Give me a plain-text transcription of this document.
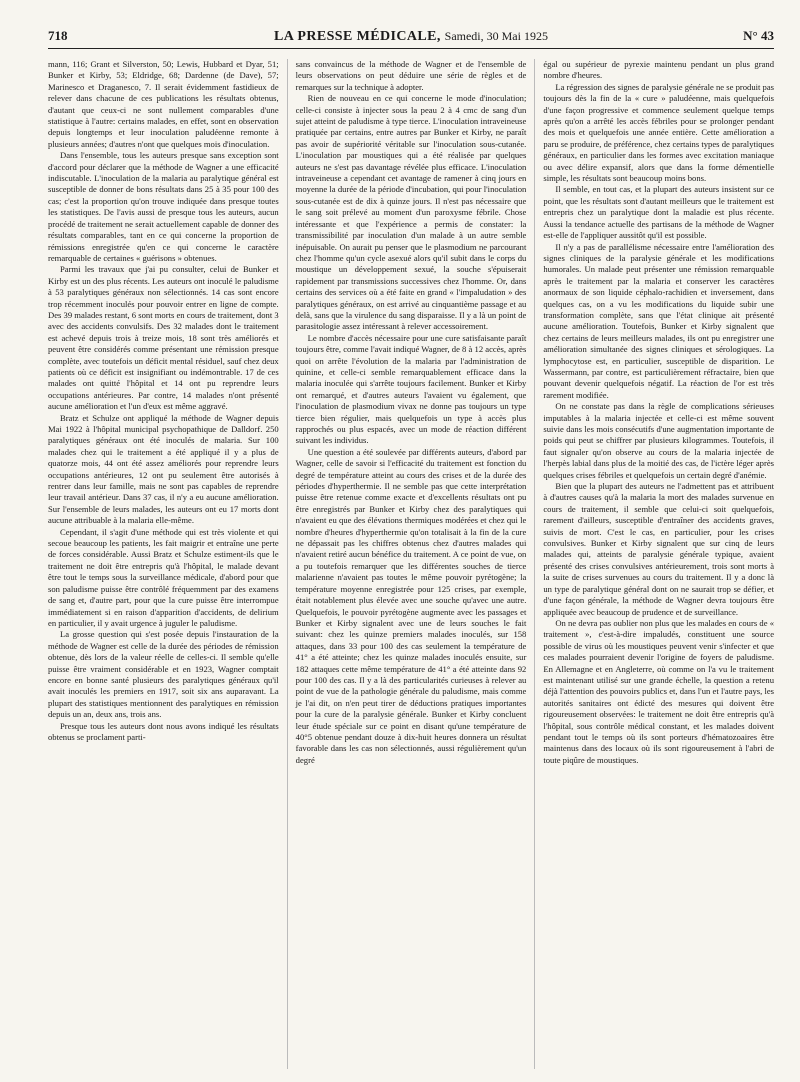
718	LA PRESSE MÉDICALE, Samedi, 30 Mai 1925	N° 43

mann, 116; Grant et Silverston, 50; Lewis, Hubbard et Dyar, 51; Bunker et Kirby, 53; Eldridge, 68; Dardenne (de Dave), 57; Marinesco et Draganesco, 7. Il serait évidemment fastidieux de relever dans chacune de ces publications les résultats obtenus, d'autant que ceux-ci ne sont nullement comparables d'une statistique à l'autre: certains malades, en effet, sont en observation depuis longtemps et leur inoculation paludéenne remonte à plusieurs années; d'autres n'ont que quelques mois d'inoculation.

Dans l'ensemble, tous les auteurs presque sans exception sont d'accord pour déclarer que la méthode de Wagner a une efficacité indiscutable. L'inoculation de la malaria au paralytique général est susceptible de donner de bons résultats dans 25 à 35 pour 100 des cas; c'est la proportion qu'on trouve indiquée dans presque toutes les statistiques. De l'avis aussi de presque tous les auteurs, aucun procédé de traitement ne serait actuellement capable de donner des résultats comparables, tant en ce qui concerne la proportion de rémissions enregistrée qu'en ce qui concerne le caractère remarquable de certaines « guérisons » obtenues.

Parmi les travaux que j'ai pu consulter, celui de Bunker et Kirby est un des plus récents. Les auteurs ont inoculé le paludisme à 53 paralytiques généraux non sélectionnés. 14 cas sont encore trop récemment inoculés pour pouvoir entrer en ligne de compte. Des 39 malades restant, 6 sont morts en cours de traitement, dont 3 avec des accidents convulsifs. Des 32 malades dont le traitement est achevé depuis trois à treize mois, 18 sont très améliorés et peuvent être considérés comme présentant une rémission presque complète, avec toutefois un déficit mental résiduel, sauf chez deux patients où ce déficit est insignifiant ou indémontrable. 17 de ces malades ont quitté l'hôpital et 14 ont pu reprendre leurs occupations antérieures. Par contre, 14 malades n'ont présenté aucune amélioration et l'un d'eux est même aggravé.

Bratz et Schulze ont appliqué la méthode de Wagner depuis Mai 1922 à l'hôpital municipal psychopathique de Dalldorf. 250 paralytiques généraux ont été inoculés de malaria. Sur 100 malades chez qui le traitement a été appliqué il y a plus de quatorze mois, 44 ont été assez améliorés pour reprendre leurs occupations antérieures, 12 ont pu seulement être autorisés à rentrer dans leur famille, mais ne sont pas capables de reprendre leur travail antérieur. Dans 37 cas, il n'y a eu aucune amélioration. Sur l'ensemble de leurs malades, les auteurs ont eu 17 morts dont aucune attribuable à la malaria elle-même.

Cependant, il s'agit d'une méthode qui est très violente et qui secoue beaucoup les patients, les fait maigrir et entraîne une perte de forces considérable. Aussi Bratz et Schulze estiment-ils que le traitement ne doit être entrepris qu'à l'hôpital, le malade devant être tout le temps sous la surveillance médicale, d'abord pour que son paludisme puisse être contrôlé fréquemment par des examens de sang et, d'autre part, pour que la cure puisse être interrompue immédiatement si en raison d'apparition d'accidents, de delirium en particulier, il y avait urgence à juguler le paludisme.

La grosse question qui s'est posée depuis l'instauration de la méthode de Wagner est celle de la durée des périodes de rémission obtenue, dès lors de la valeur réelle de celles-ci. Il semble qu'elle puisse être vraiment considérable et en 1923, Wagner comptait encore en bonne santé plusieurs des paralytiques généraux qu'il avait inoculés les premiers en 1917, soit six ans auparavant. La plupart des statistiques mentionnent des paralytiques en rémission depuis un an, deux ans, trois ans.

Presque tous les auteurs dont nous avons indiqué les résultats obtenus se proclament parti-

sans convaincus de la méthode de Wagner et de l'ensemble de leurs observations on peut déduire une série de règles et de remarques sur la technique à adopter.

Rien de nouveau en ce qui concerne le mode d'inoculation; celle-ci consiste à injecter sous la peau 2 à 4 cmc de sang d'un sujet atteint de paludisme à type tierce. L'inoculation intraveineuse pratiquée par certains, entre autres par Bunker et Kirby, ne paraît pas avoir de supériorité véritable sur l'inoculation sous-cutanée. L'inoculation par moustiques qui a été réalisée par quelques auteurs ne s'est pas davantage révélée plus efficace. L'inoculation intraveineuse a cependant cet avantage de ramener à cinq jours en moyenne la durée de la période d'incubation, qui pour l'inoculation sous-cutanée est de dix à quinze jours. Il n'est pas nécessaire que le sang soit prélevé au moment d'un paroxysme fébrile. Chose intéressante et que l'expérience a permis de constater: la transmissibilité par inoculation d'un malade à un autre semble inépuisable. On aurait pu penser que le plasmodium ne parcourant chez l'homme qu'un cycle asexué alors qu'il subit dans le corps du moustique un développement sexué, la souche s'épuiserait rapidement par transmissions successives chez l'homme. Or, dans certains des services où a été faite en grand « l'impaludation » des paralytiques généraux, on est arrivé au cinquantième passage et au delà, sans que la virulence du sang disparaisse. Il y a là un point de parasitologie assez intéressant à relever accessoirement.

Le nombre d'accès nécessaire pour une cure satisfaisante paraît toujours être, comme l'avait indiqué Wagner, de 8 à 12 accès, après quoi on arrête l'évolution de la malaria par l'administration de quinine, et celle-ci semble remarquablement efficace dans la malaria inoculée qui s'arrête toujours facilement. Bunker et Kirby ont remarqué, et d'autres auteurs l'avaient vu également, que l'inoculation de plasmodium vivax ne donne pas toujours un type tierce bien régulier, mais quelquefois un type à accès plus rapprochés ou plus espacés, avec un mode de réaction différent suivant les individus.

Une question a été soulevée par différents auteurs, d'abord par Wagner, celle de savoir si l'efficacité du traitement est fonction du degré de température atteint au cours des crises et de la durée des périodes d'hyperthermie. Il ne semble pas que cette interprétation puisse être retenue comme exacte et d'excellents résultats ont pu être enregistrés par Bunker et Kirby chez des paralytiques qui n'avaient eu que des élévations thermiques modérées et chez qui le nombre d'heures d'hyperthermie qu'on totalisait à la fin de la cure ne dépassait pas les chiffres obtenus chez d'autres malades qui n'avaient retiré aucun bénéfice du traitement. A ce point de vue, on a pu toutefois remarquer que les différentes souches de tierce malarienne n'avaient pas toutes le même pouvoir pyrétogène; la température moyenne enregistrée pour 125 crises, par exemple, était notablement plus élevée avec une souche qu'avec une autre. Quelquefois, le pouvoir pyrétogène augmente avec les passages et Bunker et Kirby signalent avec une de leurs souches le fait suivant: chez les quinze premiers malades inoculés, sur 158 attaques, dans 33 pour 100 des cas seulement la température de 41° a été atteinte; chez les quinze malades inoculés ensuite, sur 182 attaques cette même température de 41° a été atteinte dans 92 pour 100 des cas. Il y a là des particularités curieuses à relever au point de vue de la pathologie générale du paludisme, mais comme je l'ai dit, on n'en peut tirer de déductions pratiques importantes pour la cure de la paralysie générale. Bunker et Kirby concluent leur étude spéciale sur ce point en disant qu'une température de 40°5 obtenue pendant douze à dix-huit heures donnera un résultat favorable dans les cas non sélectionnés, aussi régulièrement qu'un degré

égal ou supérieur de pyrexie maintenu pendant un plus grand nombre d'heures.

La régression des signes de paralysie générale ne se produit pas toujours dès la fin de la « cure » paludéenne, mais quelquefois d'une façon progressive et commence seulement quelque temps après qu'on a arrêté les accès fébriles pour se prolonger pendant des mois et quelquefois une année entière. Cette amélioration a paru se produire, de préférence, chez certains types de paralytiques généraux, en particulier dans les formes avec excitation maniaque ou avec délire expansif, alors que dans la forme démentielle simple, les résultats sont beaucoup moins bons.

Il semble, en tout cas, et la plupart des auteurs insistent sur ce point, que les résultats sont d'autant meilleurs que le traitement est entrepris chez un paralytique dont la maladie est plus récente. Aussi la tendance actuelle des partisans de la méthode de Wagner est-elle de l'appliquer aussitôt qu'il est possible.

Il n'y a pas de parallélisme nécessaire entre l'amélioration des signes cliniques de la paralysie générale et les modifications humorales. Un malade peut présenter une rémission remarquable après le traitement par la malaria et conserver les caractères anormaux de son liquide céphalo-rachidien et inversement, dans quelques cas, on a vu les modifications du liquide subir une transformation complète, sans que l'état clinique ait présenté aucune amélioration. Toutefois, Bunker et Kirby signalent que chez certains de leurs meilleurs malades, ils ont pu enregistrer une amélioration simultanée des signes cliniques et sérologiques. La lymphocytose est, en particulier, susceptible de disparition. Le Wassermann, par contre, est particulièrement réfractaire, bien que pouvant devenir quelquefois négatif. La réaction de l'or est très rarement modifiée.

On ne constate pas dans la règle de complications sérieuses imputables à la malaria injectée et celle-ci est même souvent suivie dans les mois consécutifs d'une augmentation importante de poids qui peut se chiffrer par plusieurs kilogrammes. Toutefois, il faut signaler qu'on observe au cours de la malaria injectée de l'herpès labial dans plus de la moitié des cas, de l'ictère léger après quelques crises fébriles et quelquefois un certain degré d'anémie.

Bien que la plupart des auteurs ne l'admettent pas et attribuent à d'autres causes qu'à la malaria la mort des malades survenue en cours de traitement, il semble que celui-ci soit quelquefois, rarement d'ailleurs, susceptible d'entraîner des accidents graves, suivis de mort. C'est le cas, en particulier, pour les crises convulsives. Bunker et Kirby signalent que sur cinq de leurs malades qui, atteints de paralysie générale typique, avaient présenté des crises convulsives antérieurement, trois sont morts à la suite de crises survenues au cours du traitement. Il y a donc là un type de paralytique général dont on ne saurait trop se défier, et d'une façon générale, la méthode de Wagner devra toujours être appliquée avec beaucoup de prudence et de surveillance.

On ne devra pas oublier non plus que les malades en cours de « traitement », c'est-à-dire impaludés, constituent une source possible de virus où les moustiques peuvent venir s'infecter et que ces malades pourraient devenir l'origine de foyers de paludisme. En Allemagne et en Angleterre, où comme on l'a vu le traitement est maintenant utilisé sur une grande échelle, la question a retenu déjà l'attention des pouvoirs publics et, dans l'un et l'autre pays, les autorités sanitaires ont édicté des mesures qui doivent être rigoureusement observées: le traitement ne doit être entrepris qu'à l'hôpital, sous contrôle médical constant, et les malades doivent pendant tout le temps où ils sont porteurs d'hématozoaires être maintenus dans des locaux où ils sont rigoureusement à l'abri de toute piqûre de moustiques.
